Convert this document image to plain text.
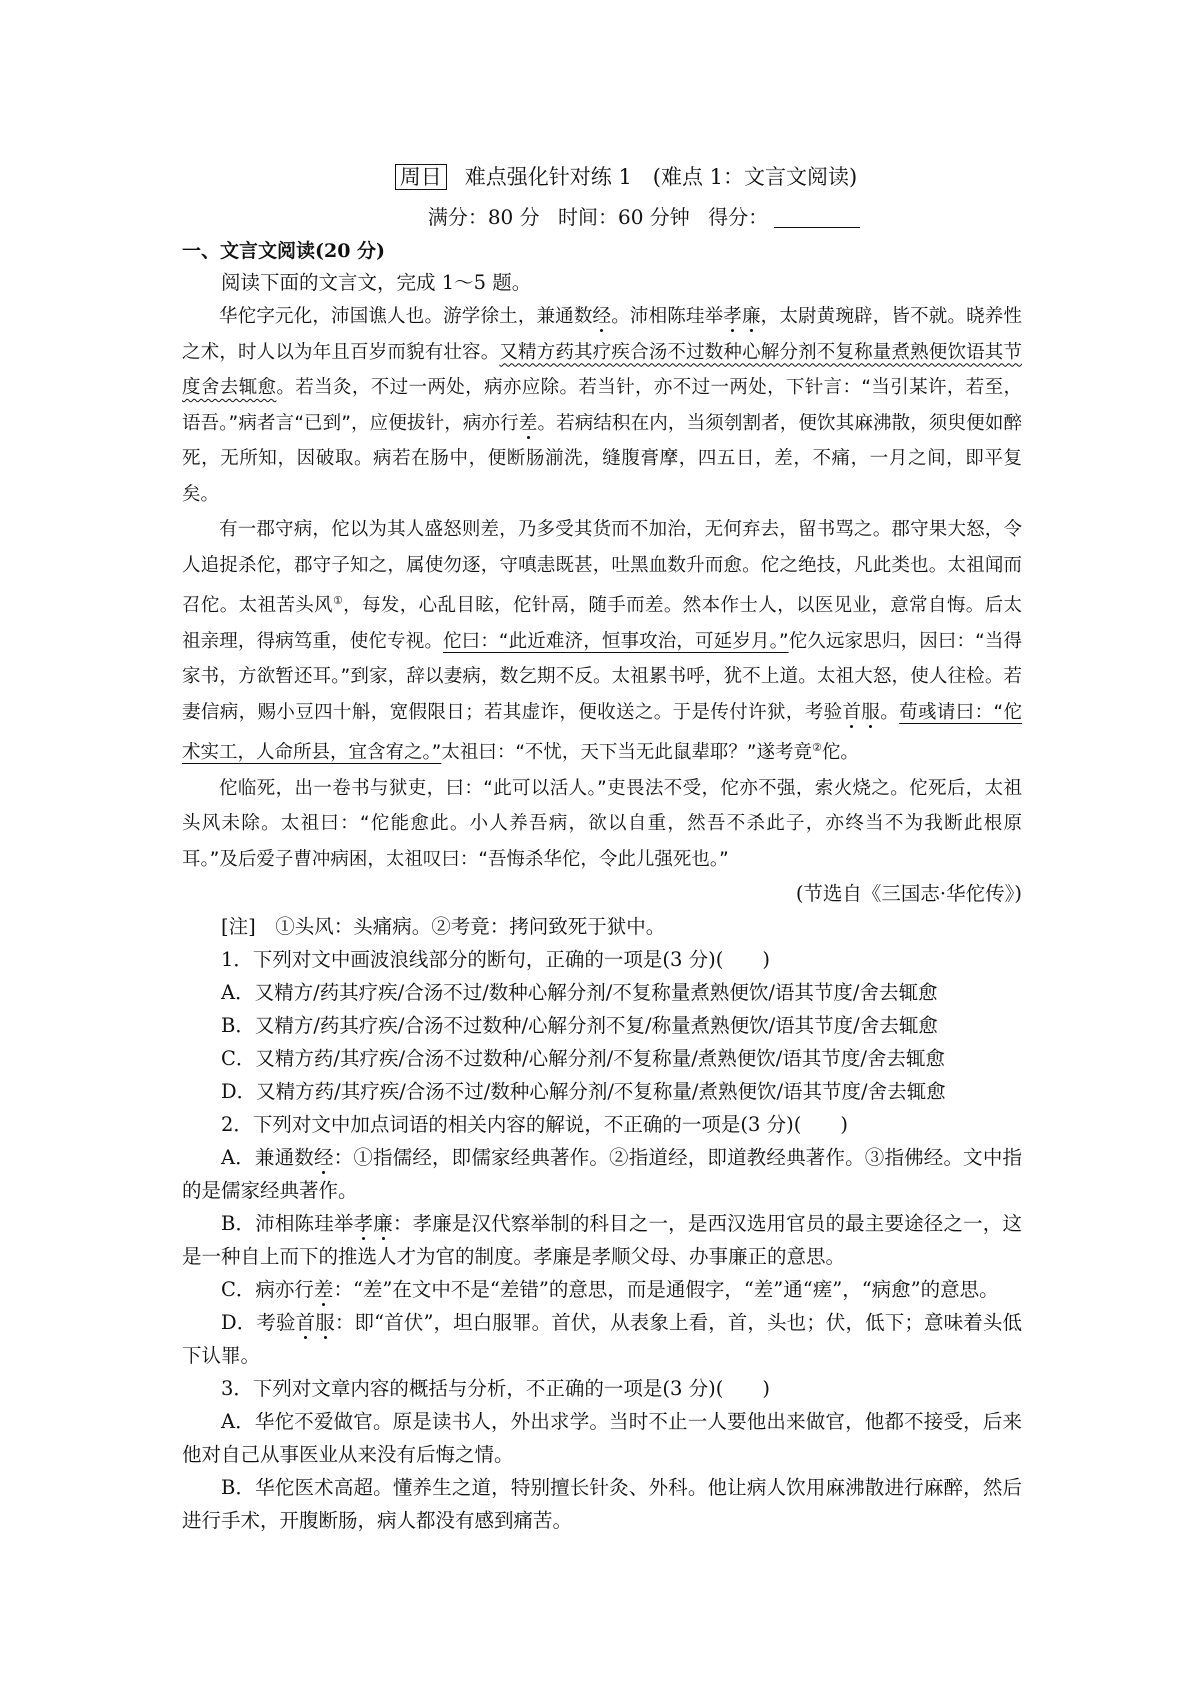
周日 难点强化针对练 1　(难点 1：文言文阅读)
满分：80 分 时间：60 分钟 得分：
一、文言文阅读(20 分)

阅读下面的文言文，完成 1～5 题。

华佗字元化，沛国谯人也。游学徐土，兼通数经。沛相陈珪举孝廉，太尉黄琬辟，皆不就。晓养性之术，时人以为年且百岁而貌有壮容。又精方药其疗疾合汤不过数种心解分剂不复称量煮熟便饮语其节度舍去辄愈。若当灸，不过一两处，病亦应除。若当针，亦不过一两处，下针言：“当引某许，若至，语吾。”病者言“已到”，应便拔针，病亦行差。若病结积在内，当须刳割者，便饮其麻沸散，须臾便如醉死，无所知，因破取。病若在肠中，便断肠湔洗，缝腹膏摩，四五日，差，不痛，一月之间，即平复矣。

有一郡守病，佗以为其人盛怒则差，乃多受其货而不加治，无何弃去，留书骂之。郡守果大怒，令人追捉杀佗，郡守子知之，属使勿逐，守嗔恚既甚，吐黑血数升而愈。佗之绝技，凡此类也。太祖闻而召佗。太祖苦头风①，每发，心乱目眩，佗针鬲，随手而差。然本作士人，以医见业，意常自悔。后太祖亲理，得病笃重，使佗专视。佗曰：“此近难济，恒事攻治，可延岁月。”佗久远家思归，因曰：“当得家书，方欲暂还耳。”到家，辞以妻病，数乞期不反。太祖累书呼，犹不上道。太祖大怒，使人往检。若妻信病，赐小豆四十斛，宽假限日；若其虚诈，便收送之。于是传付许狱，考验首服。荀彧请曰：“佗术实工，人命所县，宜含宥之。”太祖曰：“不忧，天下当无此鼠辈耶？”遂考竟②佗。

佗临死，出一卷书与狱吏，曰：“此可以活人。”吏畏法不受，佗亦不强，索火烧之。佗死后，太祖头风未除。太祖曰：“佗能愈此。小人养吾病，欲以自重，然吾不杀此子，亦终当不为我断此根原耳。”及后爱子曹冲病困，太祖叹曰：“吾悔杀华佗，令此儿强死也。”

(节选自《三国志·华佗传》)

[注]　①头风：头痛病。②考竟：拷问致死于狱中。

1．下列对文中画波浪线部分的断句，正确的一项是(3 分)(　　)

A．又精方/药其疗疾/合汤不过/数种心解分剂/不复称量煮熟便饮/语其节度/舍去辄愈

B．又精方/药其疗疾/合汤不过数种/心解分剂不复/称量煮熟便饮/语其节度/舍去辄愈

C．又精方药/其疗疾/合汤不过数种/心解分剂/不复称量/煮熟便饮/语其节度/舍去辄愈

D．又精方药/其疗疾/合汤不过/数种心解分剂/不复称量/煮熟便饮/语其节度/舍去辄愈

2．下列对文中加点词语的相关内容的解说，不正确的一项是(3 分)(　　)

A．兼通数经：①指儒经，即儒家经典著作。②指道经，即道教经典著作。③指佛经。文中指的是儒家经典著作。

B．沛相陈珪举孝廉：孝廉是汉代察举制的科目之一，是西汉选用官员的最主要途径之一，这是一种自上而下的推选人才为官的制度。孝廉是孝顺父母、办事廉正的意思。

C．病亦行差：“差”在文中不是“差错”的意思，而是通假字，“差”通“瘥”，“病愈”的意思。

D．考验首服：即“首伏”，坦白服罪。首伏，从表象上看，首，头也；伏，低下；意味着头低下认罪。

3．下列对文章内容的概括与分析，不正确的一项是(3 分)(　　)

A．华佗不爱做官。原是读书人，外出求学。当时不止一人要他出来做官，他都不接受，后来他对自己从事医业从来没有后悔之情。

B．华佗医术高超。懂养生之道，特别擅长针灸、外科。他让病人饮用麻沸散进行麻醉，然后进行手术，开腹断肠，病人都没有感到痛苦。
